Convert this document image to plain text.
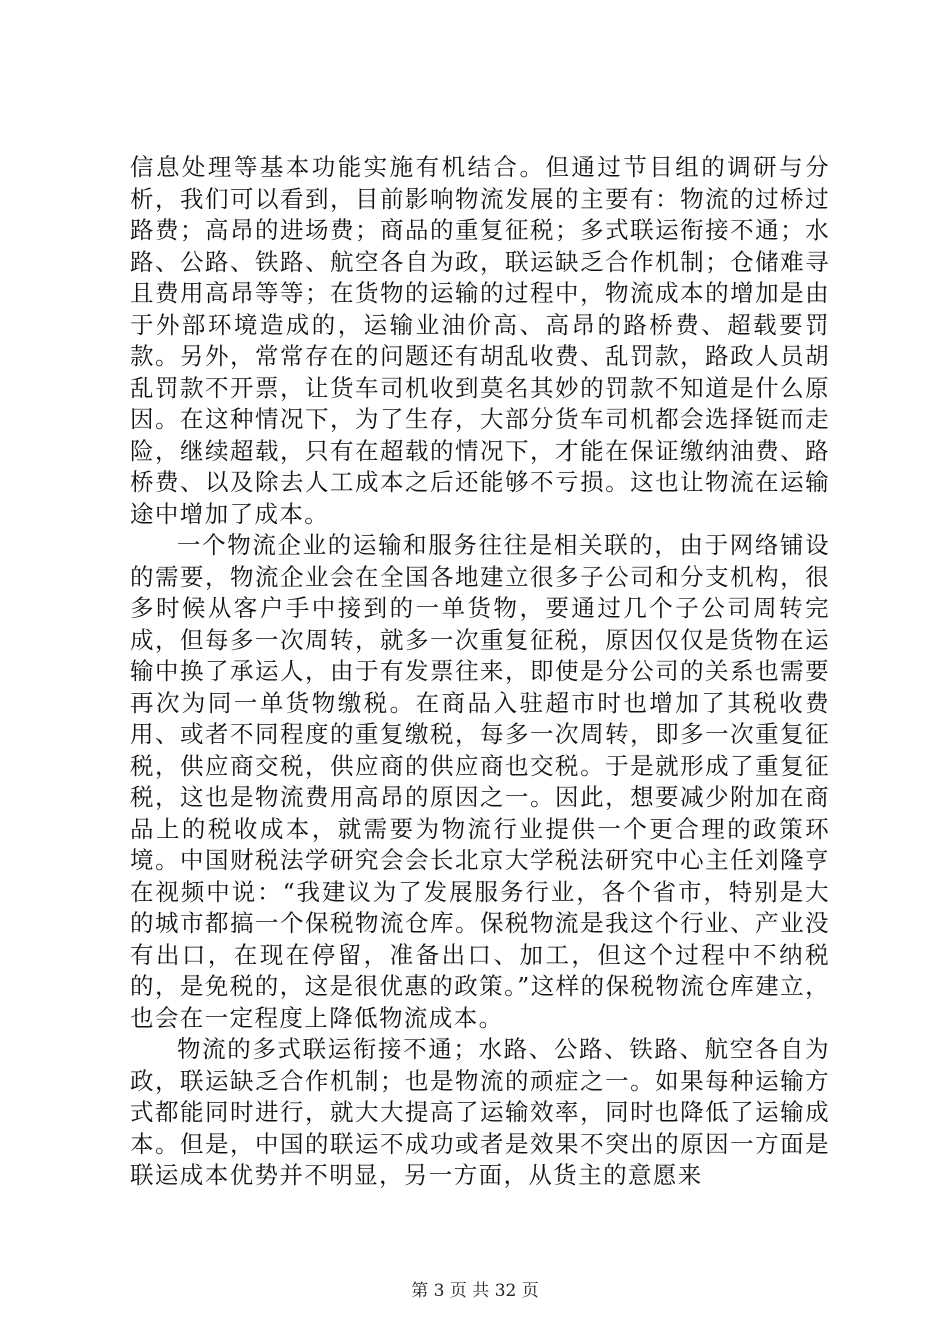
信息处理等基本功能实施有机结合。但通过节目组的调研与分析，我们可以看到，目前影响物流发展的主要有：物流的过桥过路费；高昂的进场费；商品的重复征税；多式联运衔接不通；水路、公路、铁路、航空各自为政，联运缺乏合作机制；仓储难寻且费用高昂等等；在货物的运输的过程中，物流成本的增加是由于外部环境造成的，运输业油价高、高昂的路桥费、超载要罚款。另外，常常存在的问题还有胡乱收费、乱罚款，路政人员胡乱罚款不开票，让货车司机收到莫名其妙的罚款不知道是什么原因。在这种情况下，为了生存，大部分货车司机都会选择铤而走险，继续超载，只有在超载的情况下，才能在保证缴纳油费、路桥费、以及除去人工成本之后还能够不亏损。这也让物流在运输途中增加了成本。

一个物流企业的运输和服务往往是相关联的，由于网络铺设的需要，物流企业会在全国各地建立很多子公司和分支机构，很多时候从客户手中接到的一单货物，要通过几个子公司周转完成，但每多一次周转，就多一次重复征税，原因仅仅是货物在运输中换了承运人，由于有发票往来，即使是分公司的关系也需要再次为同一单货物缴税。在商品入驻超市时也增加了其税收费用、或者不同程度的重复缴税，每多一次周转，即多一次重复征税，供应商交税，供应商的供应商也交税。于是就形成了重复征税，这也是物流费用高昂的原因之一。因此，想要减少附加在商品上的税收成本，就需要为物流行业提供一个更合理的政策环境。中国财税法学研究会会长北京大学税法研究中心主任刘隆亨在视频中说：“我建议为了发展服务行业，各个省市，特别是大的城市都搞一个保税物流仓库。保税物流是我这个行业、产业没有出口，在现在停留，准备出口、加工，但这个过程中不纳税的，是免税的，这是很优惠的政策。”这样的保税物流仓库建立，也会在一定程度上降低物流成本。

物流的多式联运衔接不通；水路、公路、铁路、航空各自为政，联运缺乏合作机制；也是物流的顽症之一。如果每种运输方式都能同时进行，就大大提高了运输效率，同时也降低了运输成本。但是，中国的联运不成功或者是效果不突出的原因一方面是联运成本优势并不明显，另一方面，从货主的意愿来

第 3 页 共 32 页
